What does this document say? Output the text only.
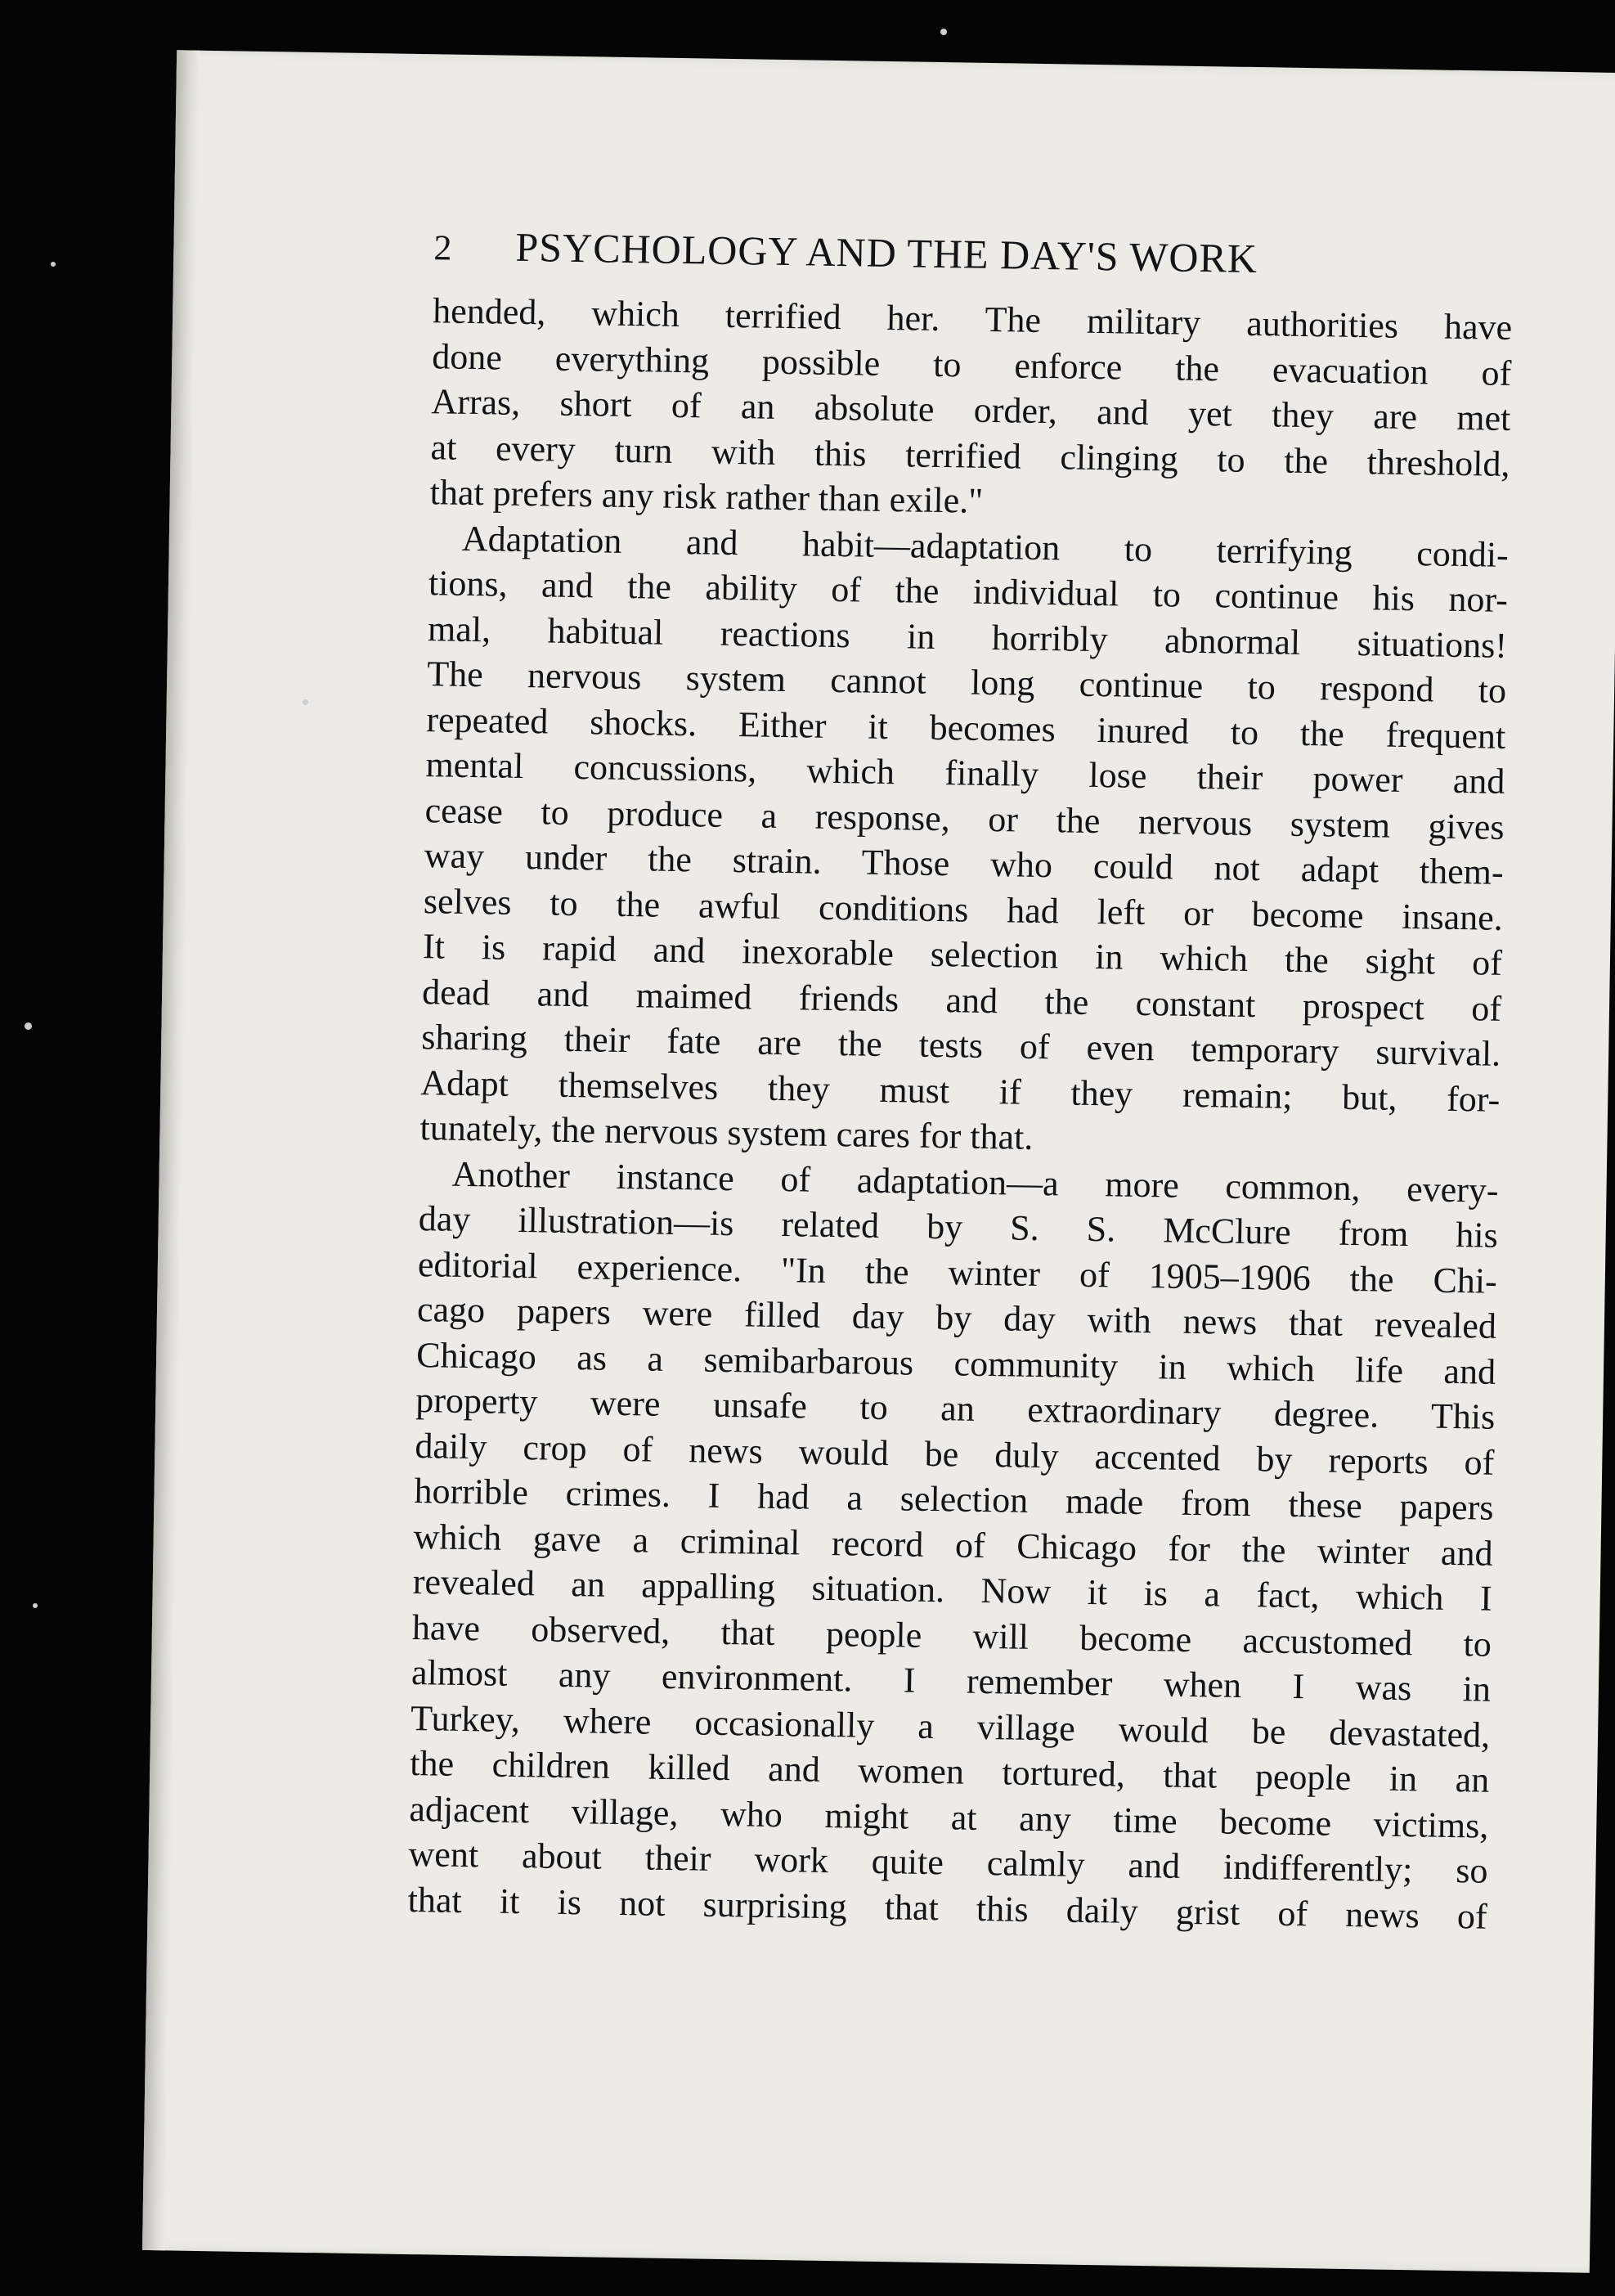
2 PSYCHOLOGY AND THE DAY'S WORK
hended, which terrified her. The military authorities have
done everything possible to enforce the evacuation of
Arras, short of an absolute order, and yet they are met
at every turn with this terrified clinging to the threshold,
that prefers any risk rather than exile."
Adaptation and habit—adaptation to terrifying condi-
tions, and the ability of the individual to continue his nor-
mal, habitual reactions in horribly abnormal situations!
The nervous system cannot long continue to respond to
repeated shocks. Either it becomes inured to the frequent
mental concussions, which finally lose their power and
cease to produce a response, or the nervous system gives
way under the strain. Those who could not adapt them-
selves to the awful conditions had left or become insane.
It is rapid and inexorable selection in which the sight of
dead and maimed friends and the constant prospect of
sharing their fate are the tests of even temporary survival.
Adapt themselves they must if they remain; but, for-
tunately, the nervous system cares for that.
Another instance of adaptation—a more common, every-
day illustration—is related by S. S. McClure from his
editorial experience. "In the winter of 1905–1906 the Chi-
cago papers were filled day by day with news that revealed
Chicago as a semibarbarous community in which life and
property were unsafe to an extraordinary degree. This
daily crop of news would be duly accented by reports of
horrible crimes. I had a selection made from these papers
which gave a criminal record of Chicago for the winter and
revealed an appalling situation. Now it is a fact, which I
have observed, that people will become accustomed to
almost any environment. I remember when I was in
Turkey, where occasionally a village would be devastated,
the children killed and women tortured, that people in an
adjacent village, who might at any time become victims,
went about their work quite calmly and indifferently; so
that it is not surprising that this daily grist of news of
